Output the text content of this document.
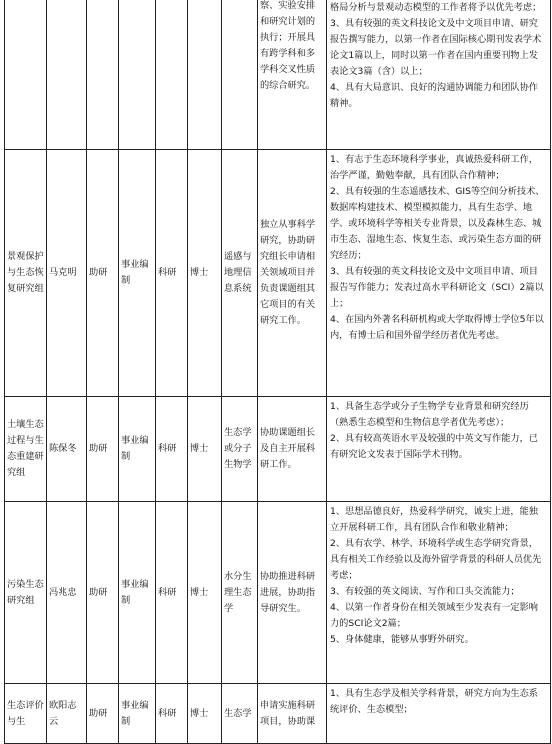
							察、实验安排和研究计划的执行；开展具有跨学科和多学科交叉性质的综合研究。	格局分析与景观动态模型的工作者将予以优先考虑；

3、具有较强的英文科技论文及中文项目申请、研究报告撰写能力，以第一作者在国际核心期刊发表学术论文1篇以上，同时以第一作者在国内重要刊物上发表论文3篇（含）以上；

4、具有大局意识、良好的沟通协调能力和团队协作精神。

景观保护与生态恢复研究组	马克明	助研	事业编制	科研	博士	遥感与地理信息系统	独立从事科学研究，协助研究组长申请相关领域项目并负责课题组其它项目的有关研究工作。	1、有志于生态环境科学事业，真诚热爱科研工作，治学严谨，勤勉奉献，具有团队合作精神；

2、具有较强的生态遥感技术、GIS等空间分析技术、数据库构建技术、模型模拟能力，具有生态学、地学、或环境科学等相关专业背景，以及森林生态、城市生态、湿地生态、恢复生态、或污染生态方面的研究经历；

3、具有较强的英文科技论文及中文项目申请、项目报告写作能力；发表过高水平科研论文（SCI）2篇以上；

4、在国内外著名科研机构或大学取得博士学位5年以内，有博士后和国外留学经历者优先考虑。

土壤生态过程与生态重建研究组	陈保冬	助研	事业编制	科研	博士	生态学或分子生物学	协助课题组长及自主开展科研工作。	1、具备生态学或分子生物学专业背景和研究经历（熟悉生态模型和生物信息学者优先考虑）；

2、具有较高英语水平及较强的中英文写作能力，已有研究论文发表于国际学术刊物。

污染生态研究组	冯兆忠	助研	事业编制	科研	博士	水分生理生态学	协助推进科研进展，协助指导研究生。	1、思想品德良好，热爱科学研究，诚实上进，能独立开展科研工作，具有团队合作和敬业精神；

2、具有农学、林学、环境科学或生态学研究背景，具有相关工作经验以及海外留学背景的科研人员优先考虑；

3、有较强的英文阅读、写作和口头交流能力；

4、以第一作者身份在相关领域至少发表有一定影响力的SCI论文2篇；

5、身体健康，能够从事野外研究。

生态评价与生	欧阳志云	助研	事业编制	科研	博士	生态学	申请实施科研项目，协助课	1、具有生态学及相关学科背景，研究方向为生态系统评价、生态模型；
